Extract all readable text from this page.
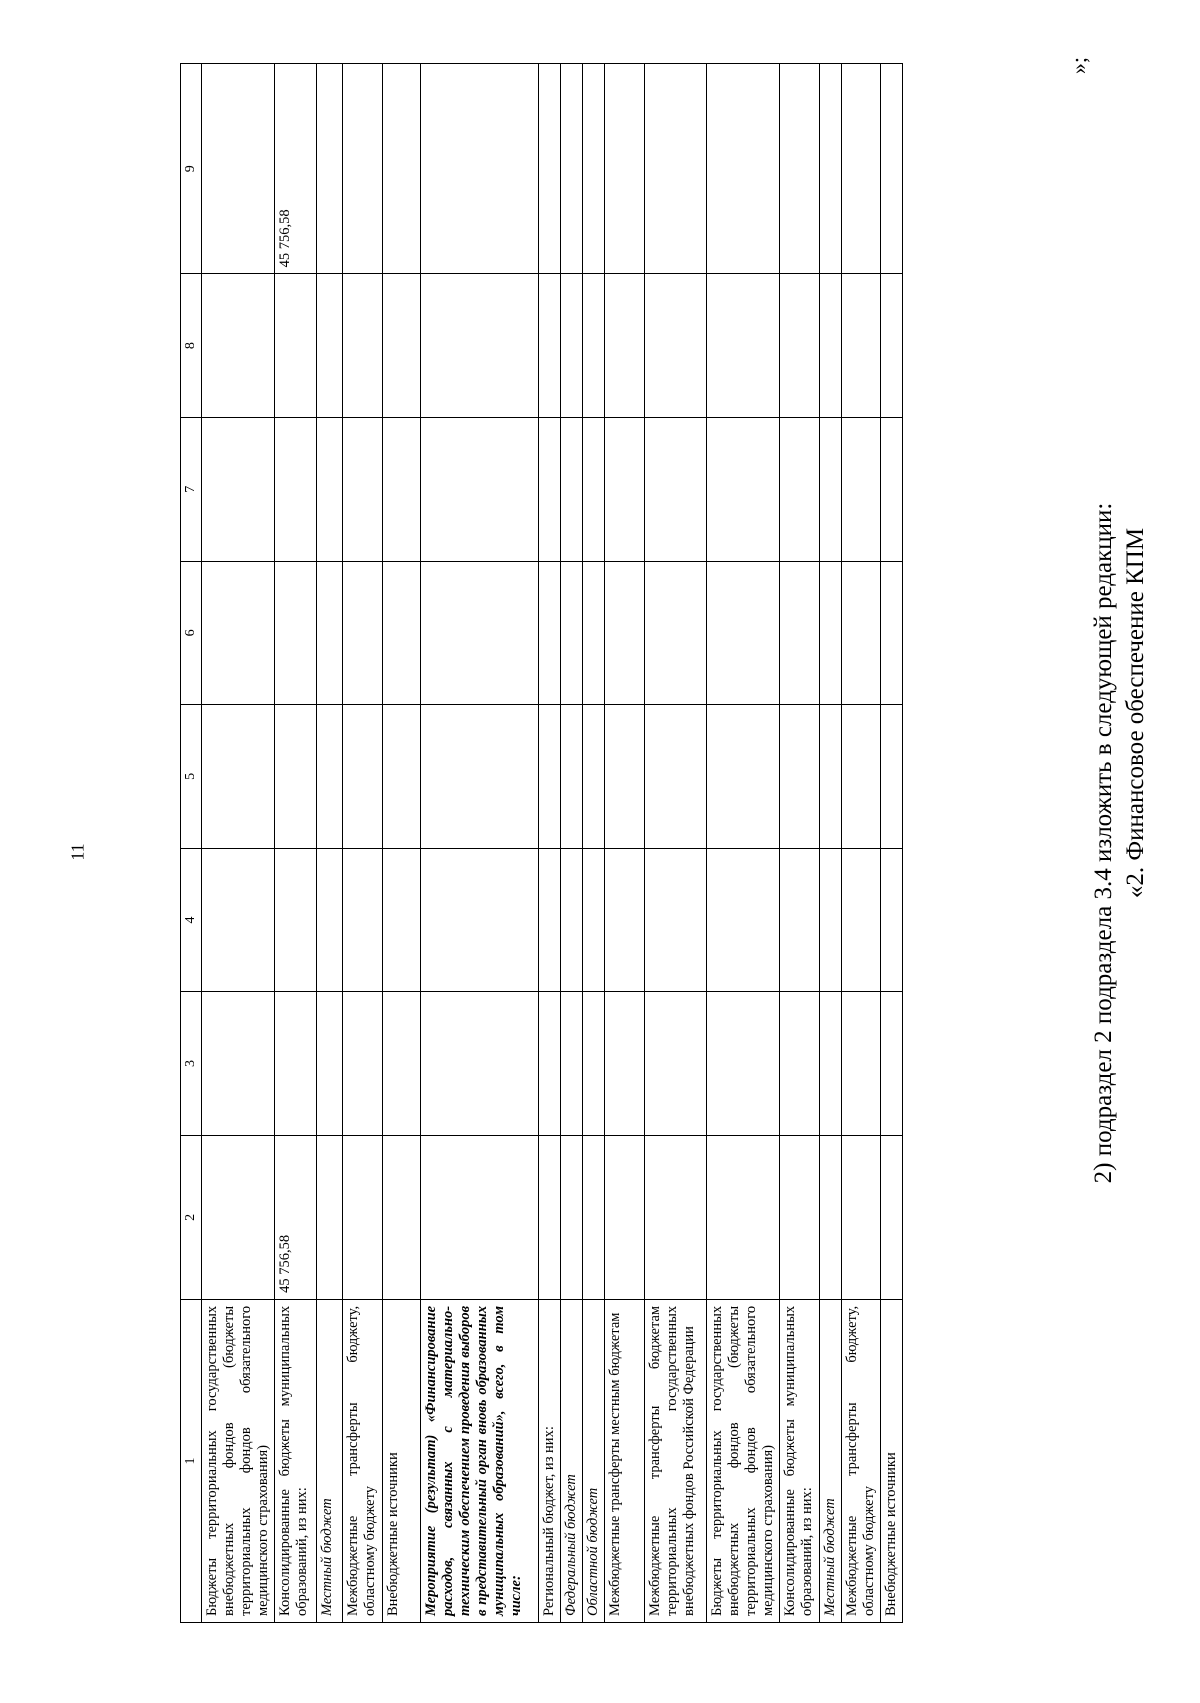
11
1	2	3	4	5	6	7	8	9
Бюджеты территориальных государственных внебюджетных фондов (бюджеты территориальных фондов обязательного медицинского страхования)								
Консолидированные бюджеты муниципальных образований, из них:	45 756,58							45 756,58
Местный бюджет								
Межбюджетные трансферты бюджету, областному бюджету								
Внебюджетные источники								
Мероприятие (результат) «Финансирование расходов, связанных с материально-техническим обеспечением проведения выборов в представительный орган вновь образованных муниципальных образований», всего, в том числе:								
Региональный бюджет, из них:								
Федеральный бюджет								
Областной бюджет								
Межбюджетные трансферты местным бюджетам								
Межбюджетные трансферты бюджетам территориальных государственных внебюджетных фондов Российской Федерации								
Бюджеты территориальных государственных внебюджетных фондов (бюджеты территориальных фондов обязательного медицинского страхования)								
Консолидированные бюджеты муниципальных образований, из них:								
Местный бюджет								
Межбюджетные трансферты бюджету, областному бюджету								
Внебюджетные источники								
»;
2) подраздел 2 подраздела 3.4 изложить в следующей редакции: «2. Финансовое обеспечение КПМ
